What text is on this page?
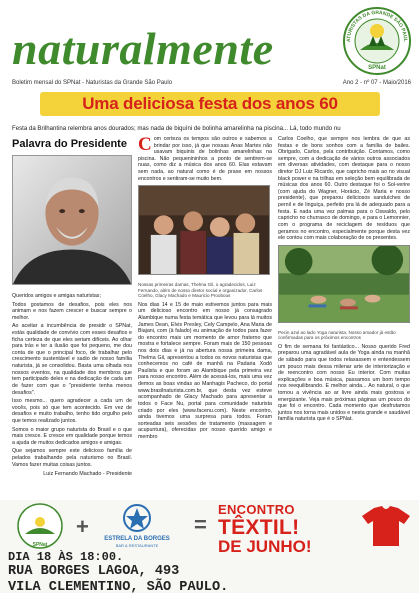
naturalmente	ATURISTAS DA GRANDE SÃO PAUL
SPNat
Boletim mensal do SPNat - Naturistas da Grande São Paulo	Ano 2 - nº 07 - Maio/2016
Uma deliciosa festa dos anos 60
Festa da Brilhantina relembra anos dourados; mas nada de biquíni de bolinha amarelinha na piscina... Lá, todo mundo nu
Palavra do Presidente

Queridos amigos e amigas naturistas;

Todos gostamos de desafios, pois eles nos animam e nos fazem crescer e buscar sempre o melhor.

Ao aceitar a incumbência de presidir o SPNat, estás qualidade de convívio com esses desafios e ficha certeza de que eles seriam difíceis. Ao olhar para trás e ter a ilusão que foi pequeno, me dou conta de que o principal foco, de trabalhar pelo crescimento sustentável e sadio de nosso família naturista, já se consolidou. Basta uma olhada nos nossos eventos, na qualidade dos membros que tem participado deles e na dedicação de cada um de fazer com que o "presidente tenha menos desafios".

Isso mesmo... quero agradecer a cada um de vocês, pois só que tem acontecido. Em vez de desafios e muito trabalho, tenho tido orgulho pelo que temos realizado juntos.

Somos o maior grupo naturista do Brasil e o que mais cresce. E cresce em qualidade porque temos a ajuda de muitos dedicados amigos e amigas.

Que sejamos sempre este delicioso família de pelados trabalhando pela naturismo no Brasil. Vamos fazer muitas coisas juntos.

Luiz Fernando Machado - Presidente
C om certeza os tempos são outros e sabemos a brindar por isso, já que nossas Anas Martes não usavam biquinis de bolinhas amarelinhas na piscina. Não pequenininhos a ponto de sentirem-se nuas, como diz a música dos anos 60. Elas estavam sem nada, ao natural como é de praxe em nossos encontros e sentiram-se muito bem.
Nossas primeiras damas, Thelma Gil, o agradecidos, Luiz Fernando, além de nosso diretor social e organizador, Carlos Coelho, Glacy Machado e Mauricio Proobous
Nos dias 14 e 15 de maio estivemos juntos para mais um delicioso encontro em nosso já consagrado Alambique numa festa temática que levou para lá muitos James Dean, Elvis Presley, Cely Campelo, Ana Maria de Biajani, com (à falado) eu animação de todos para fazer do encontro mais um momento de amor fraterno que mostra e fortalece sempre. Foram mais de 150 pessoas nos dois dias e já na abertura nossa primeira dama, Thelma Gil, apresentou a todos os novos naturistas que conhecemos no café de manhã na Padaria Xodó Paulista e que foram ao Alambique pela primeira vez para nosso encontro. Além de acessá-los, mais uma vez demos as boas vindas ao Manhagis Pacheco, do portal www.brasilnaturista.com.br, que desta vez esteve acompanhado de Glacy Machado para apresentar a todos o Face Nu, portal para comunidade naturista criado por eles (www.facenu.com). Neste encontro, ainda tivemos uma surpresa para todos. Foram sorteadas seis sessões de tratamento (massagem e acupuntura), oferecidas por nosso querido amigo e membro
Carlos Coelho, que sempre nos lembra de que as festas e de bons sonhos com a família de bailes. Obrigado, Carlos, pela contribuição. Contamos, como sempre, com a dedicação de vários outros associados em diversas atividades, com destaque para o nosso diretor DJ Luiz Ricardo, que capricho mais ao no visual black power e na trilhas em seleção bem equilibrada de músicas dos anos 60. Outro destaque foi o Sol-verire (com ajuda do Wagner, Horácio, Zé Maria e nosso presidente), que preparou deliciosos sanduíches de pernil e de linguiça, perfeito pra lá de adequado para a festa. E nada uma vez palmas para o Oswaldo, pelo capricho no churrasco de domingo, e para o Lemonnier, com o programa de reciclagem de resíduos que geramos no encontro, especialmente porque desta vez ele contou com mais colaboração de os presentes.
Pecin azul ao lado Yoga naturista. Nosso amador já estão confirmadas para os próximos encontros
O fim de semana foi fantástico... Nosso querido Fred preparou uma agradável aula de Yoga ainda na manhã de sábado para que todos relaxassem e entendessem um pouco mais dessa milenar arte de interiorização e de reencontro com nosso Eu interior. Com muitas explicações e boa música, passamos um bom tempo nos reequilibrando. E melhor ainda... Ao natural, o que tornou a vivência ao ar livre ainda mais gostosa e energizante. Veja mais próximas páginas um pouco do que foi o encontro. Cada momento que desfrutamos juntos nos torna mais unidos e nesta grande e saudável família naturista que é o SPNat.
SPNat
+	ESTRELA DA BORGES
BAR & RESTAURANTE
=
ENCONTRO
TÊXTIL!
DE JUNHO!
DIA 18 ÀS 18:00.
RUA BORGES LAGOA, 493
VILA CLEMENTINO, SÃO PAULO.
